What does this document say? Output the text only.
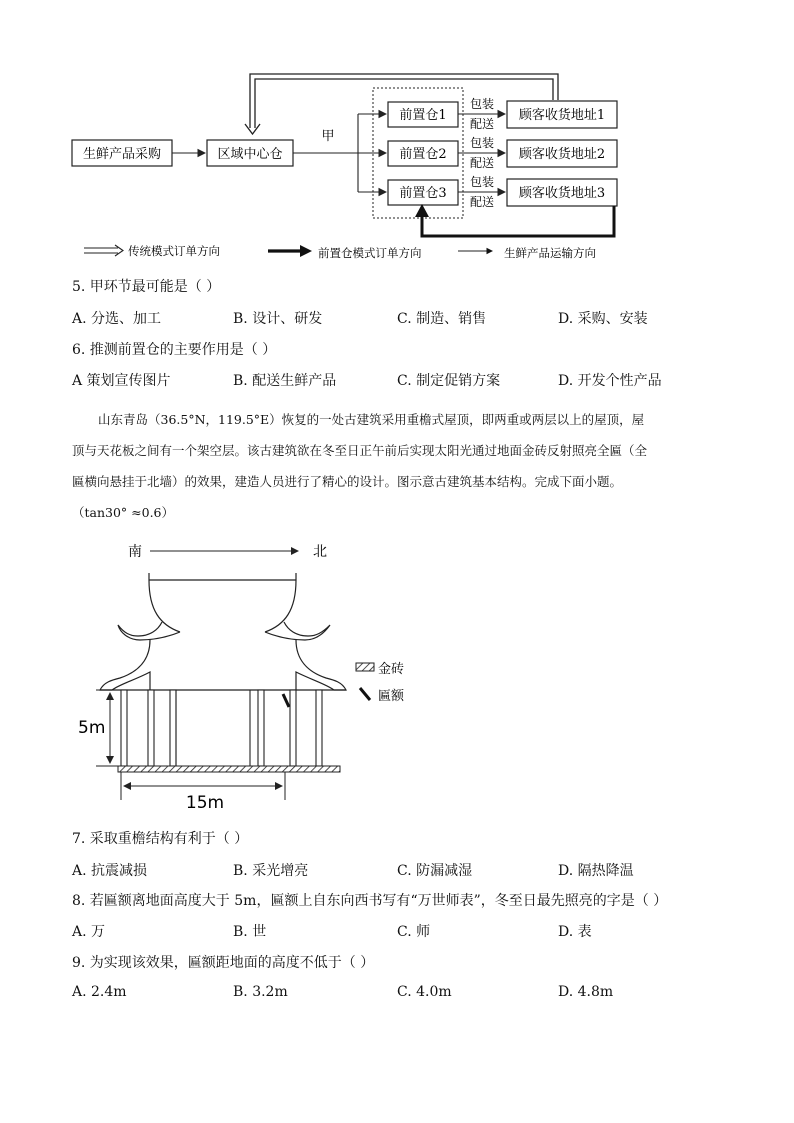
生鲜产品采购	区域中心仓
甲
前置仓1
前置仓2
前置仓3
包装
配送
包装
配送
包装
配送
顾客收货地址1
顾客收货地址2
顾客收货地址3
传统模式订单方向	前置仓模式订单方向	生鲜产品运输方向
5. 甲环节最可能是（ ）
A. 分选、加工	B. 设计、研发	C. 制造、销售	D. 采购、安装
6. 推测前置仓的主要作用是（ ）
A 策划宣传图片	B. 配送生鲜产品	C. 制定促销方案	D. 开发个性产品
山东青岛（36.5°N，119.5°E）恢复的一处古建筑采用重檐式屋顶，即两重或两层以上的屋顶，屋
顶与天花板之间有一个架空层。该古建筑欲在冬至日正午前后实现太阳光通过地面金砖反射照亮全匾（全
匾横向悬挂于北墙）的效果，建造人员进行了精心的设计。图示意古建筑基本结构。完成下面小题。
（tan30° ≈0.6）
南	北
5m
15m
金砖
匾额
7. 采取重檐结构有利于（ ）
A. 抗震减损	B. 采光增亮	C. 防漏减湿	D. 隔热降温
8. 若匾额离地面高度大于 5m，匾额上自东向西书写有“万世师表”，冬至日最先照亮的字是（ ）
A. 万	B. 世	C. 师	D. 表
9. 为实现该效果，匾额距地面的高度不低于（ ）
A. 2.4m	B. 3.2m	C. 4.0m	D. 4.8m
